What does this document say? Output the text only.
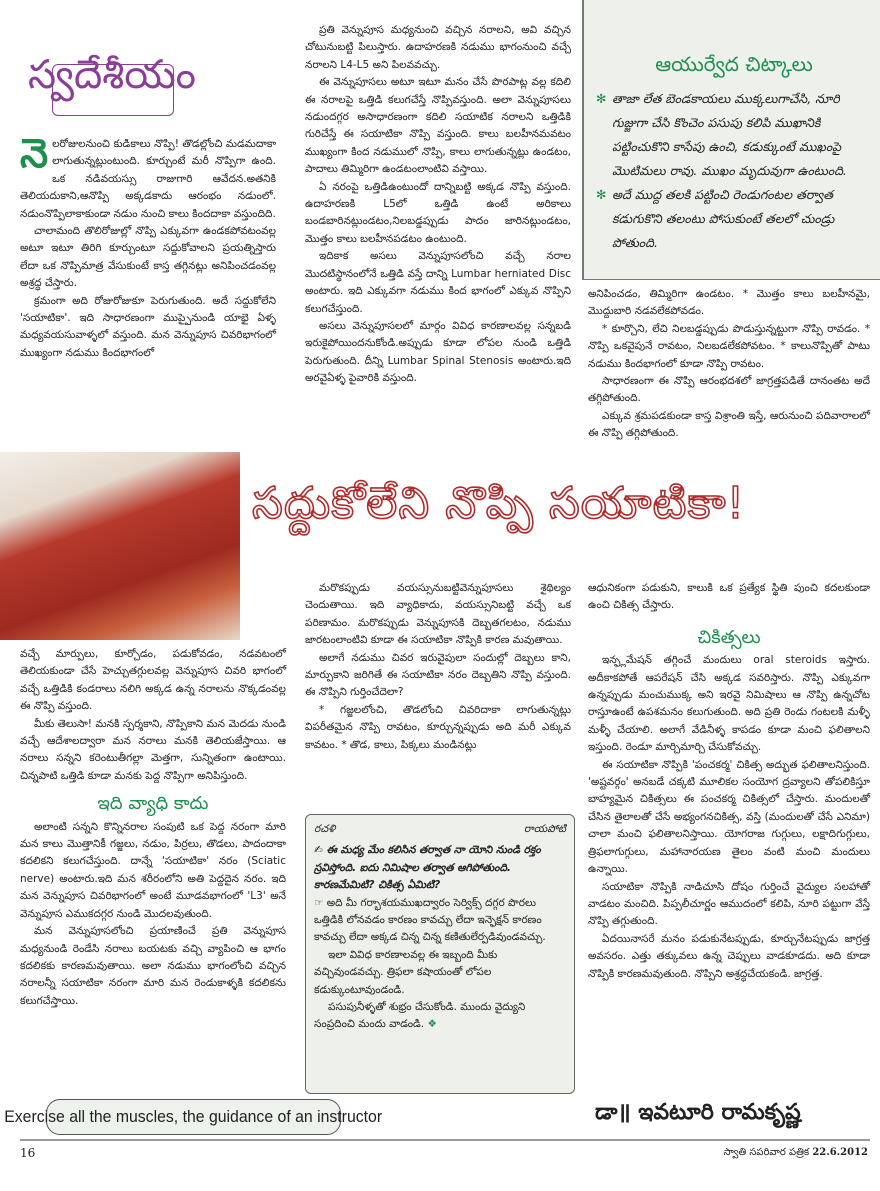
స్వదేశీయం

నెలరోజులనుంచి కుడికాలు నొప్పి! తొడల్లోంచి మడమదాకా లాగుతున్నట్లుంటుంది. కూర్చుంటే మరీ నొప్పిగా ఉంది. ఒక నడివయస్సు రాజుగారి ఆవేదన.అతనికి తెలియదుకాని,ఆనొప్పి అక్కడకాదు ఆరంభం నడుంలో. నడుంనొప్పిలాకాకుండా నడుం నుంచి కాలు కిందదాకా వస్తుందిది.

చాలామంది తొలిరోజుల్లో నొప్పి ఎక్కువగా ఉండకపోవటంవల్ల అటూ ఇటూ తిరిగి కూర్చుంటూ సద్దుకోవాలని ప్రయత్నిస్తారు లేదా ఒక నొప్పిమాత్ర వేసుకుంటే కాస్త తగ్గినట్లు అనిపించడంవల్ల అశ్రద్ధ చేస్తారు.

క్రమంగా అది రోజురోజుకూ పెరుగుతుంది. అదే సద్దుకోలేని 'సయాటికా'. ఇది సాధారణంగా ముప్పైనుండి యాభై ఏళ్ళ మధ్యవయసువాళ్ళలో వస్తుంది. మన వెన్నుపూస చివరిభాగంలో ముఖ్యంగా నడుము కిందభాగంలో

ప్రతి వెన్నుపూస మధ్యనుంచి వచ్చిన నరాలని, అవి వచ్చిన చోటునుబట్టి పిలుస్తారు. ఉదాహరణకి నడుము భాగంనుంచి వచ్చే నరాలని L4-L5 అని పిలవవచ్చు.

ఈ వెన్నుపూసలు అటూ ఇటూ మనం చేసే పొరపాట్ల వల్ల కదిలి ఈ నరాలపై ఒత్తిడి కలుగచేస్తే నొప్పివస్తుంది. అలా వెన్నుపూసలు నడుందగ్గర అసాధారణంగా కదిలి సయాటిక నరాలని ఒత్తిడికి గురిచేస్తే ఈ సయాటికా నొప్పి వస్తుంది. కాలు బలహీనమవటం ముఖ్యంగా కింద నడుములో నొప్పి, కాలు లాగుతున్నట్లు ఉండటం, పాదాలు తిమ్మిరిగా ఉండటంలాంటివి వస్తాయి.

ఏ నరంపై ఒత్తిడిఉంటుందో దాన్నిబట్టి అక్కడ నొప్పి వస్తుంది. ఉదాహరణకి L5లో ఒత్తిడి ఉంటే అరికాలు బండబారినట్లుండటం,నిలబడ్డప్పుడు పాదం జారినట్లుండటం, మొత్తం కాలు బలహీనపడటం ఉంటుంది.

ఇదికాక అసలు వెన్నుపూసలోంచి వచ్చే నరాల మొదటిస్థానంలోనే ఒత్తిడి వస్తే దాన్ని Lumbar herniated Disc అంటారు. ఇది ఎక్కువగా నడుము కింద భాగంలో ఎక్కువ నొప్పిని కలుగచేస్తుంది.

అసలు వెన్నుపూసలలో మార్గం వివిధ కారణాలవల్ల సన్నబడి ఇరుకైపోయిందనుకోండి.అప్పుడు కూడా లోపల నుండి ఒత్తిడి పెరుగుతుంది. దీన్ని Lumbar Spinal Stenosis అంటారు.ఇది అరవైఏళ్ళ పైవారికి వస్తుంది.

ఆయుర్వేద చిట్కాలు
✻ తాజా లేత బెండకాయలు ముక్కలుగాచేసి, నూరి గుజ్జుగా చేసి కొంచెం పసుపు కలిపి ముఖానికి పట్టించుకొని కాసేపు ఉంచి, కడుక్కుంటే ముఖంపై మొటిమలు రావు. ముఖం మృదువుగా ఉంటుంది.
✻ అదే ముద్ద తలకి పట్టించి రెండుగంటల తర్వాత కడుగుకొని తలంటు పోసుకుంటే తలలో చుండ్రు పోతుంది.

అనిపించడం, తిమ్మిరిగా ఉండటం. * మొత్తం కాలు బలహీనమై, మొద్దుబారి నడవలేకపోవడం.

* కూర్చొని, లేచి నిలబడ్డప్పుడు పొడుస్తున్నట్టుగా నొప్పి రావడం. * నొప్పి ఒకవైపునే రావటం, నిలబడలేకపోవటం. * కాలునొప్పితో పాటు నడుము కిందభాగంలో కూడా నొప్పి రావటం.

సాధారణంగా ఈ నొప్పి ఆరంభదశలో జాగ్రత్తపడితే దానంతట అదే తగ్గిపోతుంది.

ఎక్కువ శ్రమపడకుండా కాస్త విశ్రాంతి ఇస్తే, ఆరునుంచి పదివారాలలో ఈ నొప్పి తగ్గిపోతుంది.

సద్దుకోలేని నొప్పి సయాటికా!

వచ్చే మార్పులు, కూర్చోడం, పడుకోవడం, నడవటంలో తెలియకుండా చేసే హెచ్చుతగ్గులవల్ల వెన్నుపూస చివరి భాగంలో వచ్చే ఒత్తిడికి కండరాలు నలిగి అక్కడ ఉన్న నరాలను నొక్కడంవల్ల ఈ నొప్పి వస్తుంది.

మీకు తెలుసా! మనకి స్పర్శకాని, నొప్పికాని మన మెదడు నుండి వచ్చే ఆదేశాలద్వారా మన నరాలు మనకి తెలియజేస్తాయి. ఆ నరాలు సన్నని కరెంటుతీగల్లా మెత్తగా, సున్నితంగా ఉంటాయి. చిన్నపాటి ఒత్తిడి కూడా మనకు పెద్ద నొప్పిగా అనిపిస్తుంది.

ఇది వ్యాధి కాదు

అలాంటి సన్నని కొన్నినరాల సంపుటి ఒక పెద్ద నరంగా మారి మన కాలు మొత్తానికీ గజ్జలు, నడుం, పిర్రలు, తొడలు, పాదందాకా కదలికని కలుగచేస్తుంది. దాన్నే 'సయాటికా' నరం (Sciatic nerve) అంటారు.ఇది మన శరీరంలోని అతి పెద్దదైన నరం. ఇది మన వెన్నుపూస చివరిభాగంలో అంటే మూడవభాగంలో 'L3' అనే వెన్నుపూస ఎముకదగ్గర నుండి మొదలవుతుంది.

మన వెన్నుపూసలోంచి ప్రయాణించే ప్రతి వెన్నుపూస మధ్యనుండి రెండేసి నరాలు బయటకు వచ్చి వ్యాపించి ఆ భాగం కదలికకు కారణమవుతాయి. అలా నడుము భాగంలోంచి వచ్చిన నరాలన్నీ సయాటికా నరంగా మారి మన రెండుకాళ్ళకి కదలికను కలుగచేస్తాయి.

మరొకప్పుడు వయస్సునుబట్టివెన్నుపూసలు శైథిల్యం చెందుతాయి. ఇది వ్యాధికాదు, వయస్సునిబట్టి వచ్చే ఒక పరిణామం. మరొకప్పుడు వెన్నుపూసకి దెబ్బతగలటం, నడుము జారటంలాంటివి కూడా ఈ సయాటికా నొప్పికి కారణ మవుతాయి.

అలాగే నడుము చివర ఇరువైపులా సందుల్లో దెబ్బలు కాని, మార్పుకాని జరిగితే ఈ సయాటికా నరం దెబ్బతిని నొప్పి వస్తుంది. ఈ నొప్పిని గుర్తించేదెలా?

* గజ్జలలోంచి, తొడలోంచి చివరిదాకా లాగుతున్నట్లు విపరీతమైన నొప్పి రావటం, కూర్చున్నప్పుడు అది మరీ ఎక్కువ కావటం. * తొడ, కాలు, పిక్కలు మండినట్లు

రచళి	రాయపోటి

✍ ఈ మధ్య మేం కలిసిన తర్వాత నా యోని నుండి రక్తం స్రవిస్తోంది. ఐదు నిమిషాల తర్వాత ఆగిపోతుంది. కారణమేమిటి? చికిత్స ఏమిటి?

☞ అది మీ గర్భాశయముఖద్వారం సెర్విక్స్ దగ్గర పొరలు ఒత్తిడికి లోనవడం కారణం కావచ్చు లేదా ఇన్ఫెక్షన్ కారణం కావచ్చు లేదా అక్కడ చిన్న చిన్న కణితులేర్పడివుండవచ్చు.

ఇలా వివిధ కారణాలవల్ల ఈ ఇబ్బంది మీకు వచ్చివుండవచ్చు. త్రిఫలా కషాయంతో లోపల కడుక్కుంటూవుండండి.

పసుపునీళ్ళతో శుభ్రం చేసుకోండి. ముందు వైద్యుని సంప్రదించి మందు వాడండి. ❖

ఆధునికంగా పడుకుని, కాలుకి ఒక ప్రత్యేక స్థితి పుంచి కదలకుండా ఉంచి చికిత్స చేస్తారు.

చికిత్సలు

ఇన్ఫ్లమేషన్ తగ్గించే మందులు oral steroids ఇస్తారు. అదీకాకపోతే ఆపరేషన్ చేసి అక్కడ సవరిస్తారు. నొప్పి ఎక్కువగా ఉన్నప్పుడు మంచుముక్క అని ఇరవై నిమిషాలు ఆ నొప్పి ఉన్నచోట రాస్తూఉంటే ఉపశమనం కలుగుతుంది. అది ప్రతి రెండు గంటలకి మళ్ళీ మళ్ళీ చేయాలి. అలాగే వేడినీళ్ళ కాపడం కూడా మంచి ఫలితాలని ఇస్తుంది. రెండూ మార్చిమార్చి చేసుకోవచ్చు.

ఈ సయాటికా నొప్పికి 'పంచకర్మ' చికిత్స అద్భుత ఫలితాలనిస్తుంది. 'అష్టవర్గం' అనబడే చక్కటి మూలికల సంయోగ ద్రవ్యాలని తోపలికిస్తూ బాహ్యమైన చికిత్సలు ఈ పంచకర్మ చికిత్సలో చేస్తారు. మందులతో చేసిన తైలాలతో చేసే అభ్యంగనచికిత్స, వస్తి (మందులతో చేసే ఎనిమా) చాలా మంచి ఫలితాలనిస్తాయి. యోగరాజ గుగ్గులు, లక్షాదిగుగ్గులు, త్రిఫలాగుగ్గులు, మహానారయణ తైలం వంటి మంచి మందులు ఉన్నాయి.

సయాటికా నొప్పికి నాడిచూసి దోషం గుర్తించే వైద్యుల సలహాతో వాడటం మంచిది. పిప్పలీచూర్ణం ఆముదంలో కలిపి, నూరి పట్టుగా వేస్తే నొప్పి తగ్గుతుంది.

ఏదయినాసరే మనం పడుకునేటప్పుడు, కూర్చునేటప్పుడు జాగ్రత్త అవసరం. ఎత్తు తక్కువలు ఉన్న చెప్పులు వాడకూడదు. అది కూడా నొప్పికి కారణమవుతుంది. నొప్పిని అశ్రద్ధచేయకండి. జాగ్రత్త.

Exercise all the muscles, the guidance of an instructor	డా॥ ఇవటూరి రామకృష్ణ
16	స్వాతి సపరివార పత్రిక 22.6.2012
